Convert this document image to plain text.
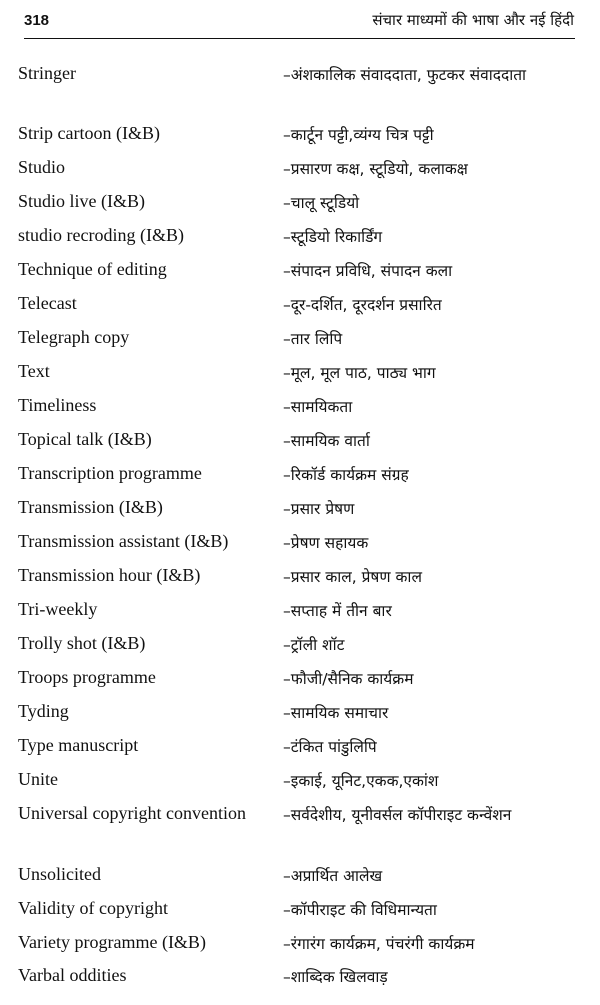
318	संचार माध्यमों की भाषा और नई हिंदी
Stringer	–अंशकालिक संवाददाता, फुटकर संवाददाता
Strip cartoon (I&B)	–कार्टून पट्टी,व्यंग्य चित्र पट्टी
Studio	–प्रसारण कक्ष, स्टूडियो, कलाकक्ष
Studio live (I&B)	–चालू स्टूडियो
studio recroding (I&B)	–स्टूडियो रिकार्डिंग
Technique of editing	–संपादन प्रविधि, संपादन कला
Telecast	–दूर-दर्शित, दूरदर्शन प्रसारित
Telegraph copy	–तार लिपि
Text	–मूल, मूल पाठ, पाठ्य भाग
Timeliness	–सामयिकता
Topical talk (I&B)	–सामयिक वार्ता
Transcription programme	–रिकॉर्ड कार्यक्रम संग्रह
Transmission (I&B)	–प्रसार प्रेषण
Transmission assistant (I&B)	–प्रेषण सहायक
Transmission hour (I&B)	–प्रसार काल, प्रेषण काल
Tri-weekly	–सप्ताह में तीन बार
Trolly shot (I&B)	–ट्रॉली शॉट
Troops programme	–फौजी/सैनिक कार्यक्रम
Tyding	–सामयिक समाचार
Type manuscript	–टंकित पांडुलिपि
Unite	–इकाई, यूनिट,एकक,एकांश
Universal copyright convention	–सर्वदेशीय, यूनीवर्सल कॉपीराइट कन्वेंशन
Unsolicited	–अप्रार्थित आलेख
Validity of copyright	–कॉपीराइट की विधिमान्यता
Variety programme (I&B)	–रंगारंग कार्यक्रम, पंचरंगी कार्यक्रम
Varbal oddities	–शाब्दिक खिलवाड़
